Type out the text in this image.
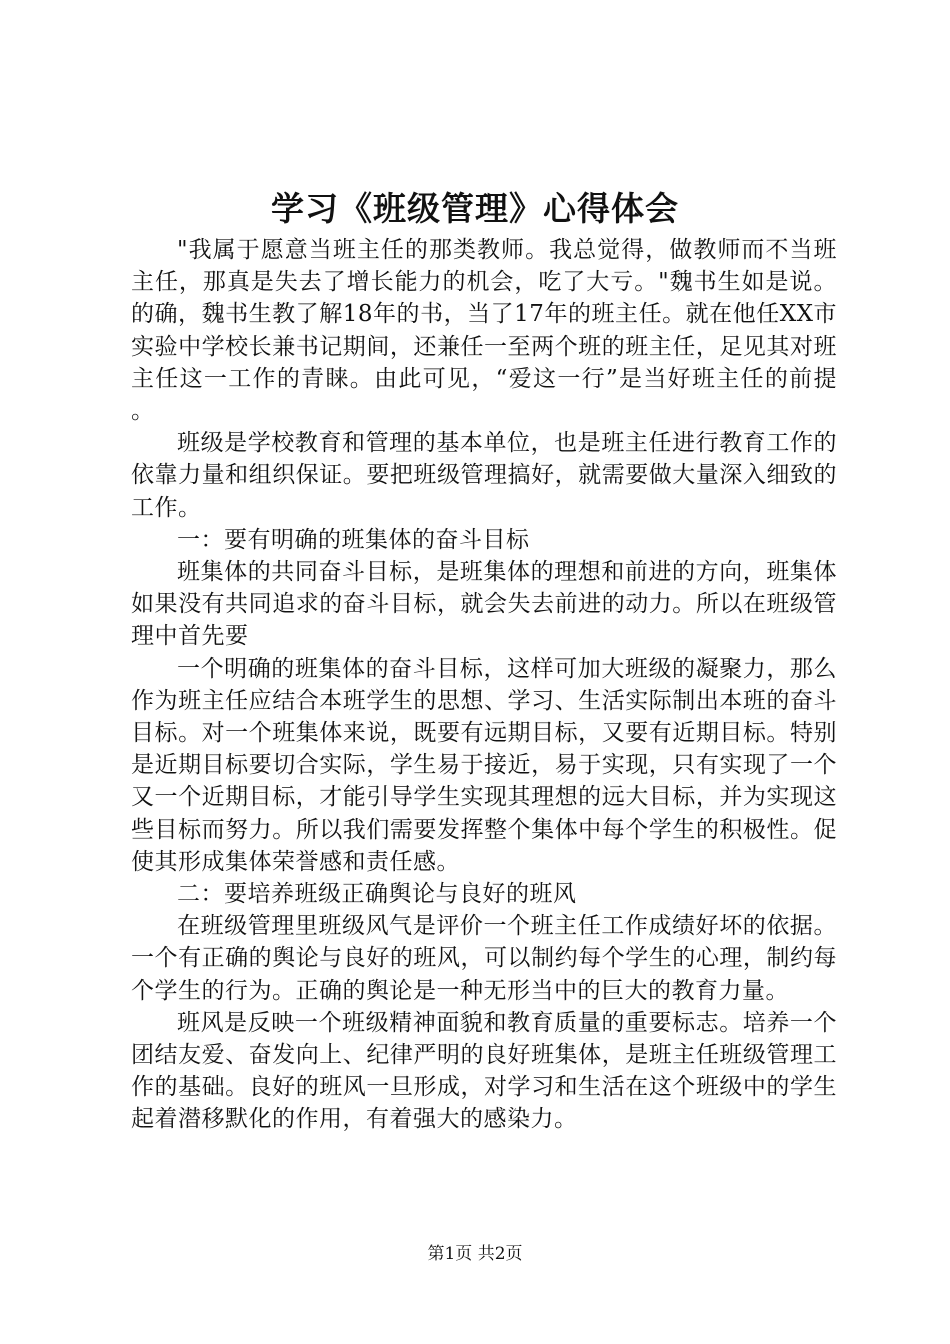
学习《班级管理》心得体会

"我属于愿意当班主任的那类教师。我总觉得，做教师而不当班主任，那真是失去了增长能力的机会，吃了大亏。"魏书生如是说。的确，魏书生教了解18年的书，当了17年的班主任。就在他任XX市实验中学校长兼书记期间，还兼任一至两个班的班主任，足见其对班主任这一工作的青睐。由此可见，“爱这一行”是当好班主任的前提。

班级是学校教育和管理的基本单位，也是班主任进行教育工作的依靠力量和组织保证。要把班级管理搞好，就需要做大量深入细致的工作。

一：要有明确的班集体的奋斗目标

班集体的共同奋斗目标，是班集体的理想和前进的方向，班集体如果没有共同追求的奋斗目标，就会失去前进的动力。所以在班级管理中首先要

一个明确的班集体的奋斗目标，这样可加大班级的凝聚力，那么作为班主任应结合本班学生的思想、学习、生活实际制出本班的奋斗目标。对一个班集体来说，既要有远期目标，又要有近期目标。特别是近期目标要切合实际，学生易于接近，易于实现，只有实现了一个又一个近期目标，才能引导学生实现其理想的远大目标，并为实现这些目标而努力。所以我们需要发挥整个集体中每个学生的积极性。促使其形成集体荣誉感和责任感。

二：要培养班级正确舆论与良好的班风

在班级管理里班级风气是评价一个班主任工作成绩好坏的依据。一个有正确的舆论与良好的班风，可以制约每个学生的心理，制约每个学生的行为。正确的舆论是一种无形当中的巨大的教育力量。

班风是反映一个班级精神面貌和教育质量的重要标志。培养一个团结友爱、奋发向上、纪律严明的良好班集体，是班主任班级管理工作的基础。良好的班风一旦形成，对学习和生活在这个班级中的学生起着潜移默化的作用，有着强大的感染力。

第1页 共2页
